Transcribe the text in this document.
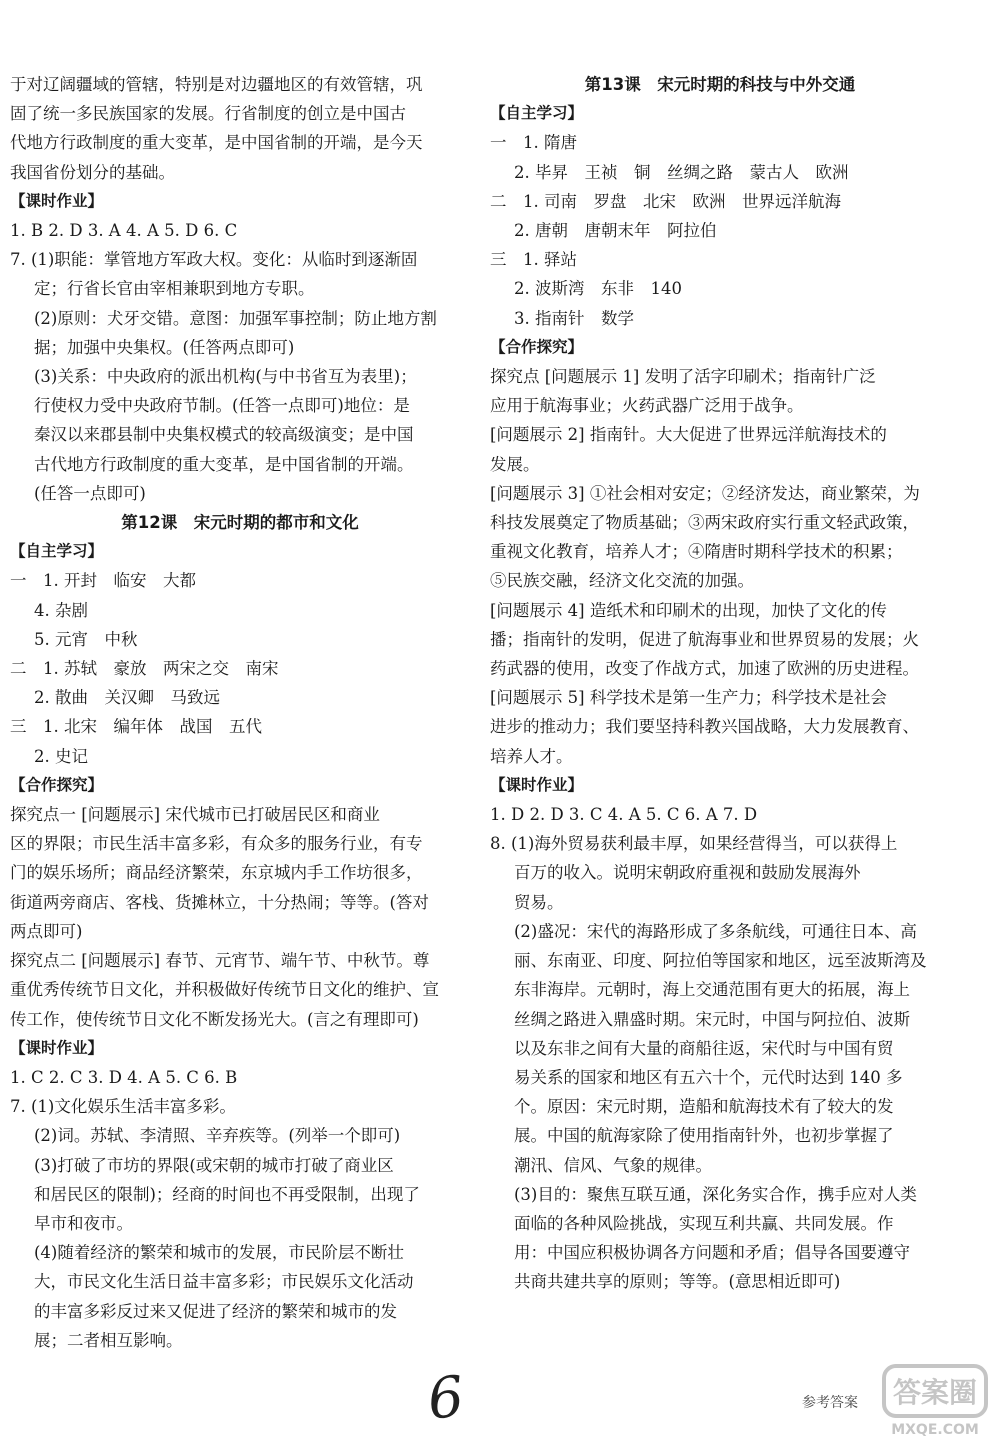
于对辽阔疆域的管辖，特别是对边疆地区的有效管辖，巩
固了统一多民族国家的发展。行省制度的创立是中国古
代地方行政制度的重大变革，是中国省制的开端，是今天
我国省份划分的基础。
【课时作业】
1. B 2. D 3. A 4. A 5. D 6. C
7. (1)职能：掌管地方军政大权。变化：从临时到逐渐固
定；行省长官由宰相兼职到地方专职。
(2)原则：犬牙交错。意图：加强军事控制；防止地方割
据；加强中央集权。(任答两点即可)
(3)关系：中央政府的派出机构(与中书省互为表里)；
行使权力受中央政府节制。(任答一点即可)地位：是
秦汉以来郡县制中央集权模式的较高级演变；是中国
古代地方行政制度的重大变革，是中国省制的开端。
(任答一点即可)
第12课　宋元时期的都市和文化
【自主学习】
一　1. 开封　临安　大都
4. 杂剧
5. 元宵　中秋
二　1. 苏轼　豪放　两宋之交　南宋
2. 散曲　关汉卿　马致远
三　1. 北宋　编年体　战国　五代
2. 史记
【合作探究】
探究点一 [问题展示] 宋代城市已打破居民区和商业
区的界限；市民生活丰富多彩，有众多的服务行业，有专
门的娱乐场所；商品经济繁荣，东京城内手工作坊很多，
街道两旁商店、客栈、货摊林立，十分热闹；等等。(答对
两点即可)
探究点二 [问题展示] 春节、元宵节、端午节、中秋节。尊
重优秀传统节日文化，并积极做好传统节日文化的维护、宣
传工作，使传统节日文化不断发扬光大。(言之有理即可)
【课时作业】
1. C 2. C 3. D 4. A 5. C 6. B
7. (1)文化娱乐生活丰富多彩。
(2)词。苏轼、李清照、辛弃疾等。(列举一个即可)
(3)打破了市坊的界限(或宋朝的城市打破了商业区
和居民区的限制)；经商的时间也不再受限制，出现了
早市和夜市。
(4)随着经济的繁荣和城市的发展，市民阶层不断壮
大，市民文化生活日益丰富多彩；市民娱乐文化活动
的丰富多彩反过来又促进了经济的繁荣和城市的发
展；二者相互影响。
第13课　宋元时期的科技与中外交通
【自主学习】
一　1. 隋唐
2. 毕昇　王祯　铜　丝绸之路　蒙古人　欧洲
二　1. 司南　罗盘　北宋　欧洲　世界远洋航海
2. 唐朝　唐朝末年　阿拉伯
三　1. 驿站
2. 波斯湾　东非　140
3. 指南针　数学
【合作探究】
探究点 [问题展示 1] 发明了活字印刷术；指南针广泛
应用于航海事业；火药武器广泛用于战争。
[问题展示 2] 指南针。大大促进了世界远洋航海技术的
发展。
[问题展示 3] ①社会相对安定；②经济发达，商业繁荣，为
科技发展奠定了物质基础；③两宋政府实行重文轻武政策，
重视文化教育，培养人才；④隋唐时期科学技术的积累；
⑤民族交融，经济文化交流的加强。
[问题展示 4] 造纸术和印刷术的出现，加快了文化的传
播；指南针的发明，促进了航海事业和世界贸易的发展；火
药武器的使用，改变了作战方式，加速了欧洲的历史进程。
[问题展示 5] 科学技术是第一生产力；科学技术是社会
进步的推动力；我们要坚持科教兴国战略，大力发展教育、
培养人才。
【课时作业】
1. D 2. D 3. C 4. A 5. C 6. A 7. D
8. (1)海外贸易获利最丰厚，如果经营得当，可以获得上
百万的收入。说明宋朝政府重视和鼓励发展海外
贸易。
(2)盛况：宋代的海路形成了多条航线，可通往日本、高
丽、东南亚、印度、阿拉伯等国家和地区，远至波斯湾及
东非海岸。元朝时，海上交通范围有更大的拓展，海上
丝绸之路进入鼎盛时期。宋元时，中国与阿拉伯、波斯
以及东非之间有大量的商船往返，宋代时与中国有贸
易关系的国家和地区有五六十个，元代时达到 140 多
个。原因：宋元时期，造船和航海技术有了较大的发
展。中国的航海家除了使用指南针外，也初步掌握了
潮汛、信风、气象的规律。
(3)目的：聚焦互联互通，深化务实合作，携手应对人类
面临的各种风险挑战，实现互利共赢、共同发展。作
用：中国应积极协调各方问题和矛盾；倡导各国要遵守
共商共建共享的原则；等等。(意思相近即可)
6	参考答案 答案圈
MXQE.COM
